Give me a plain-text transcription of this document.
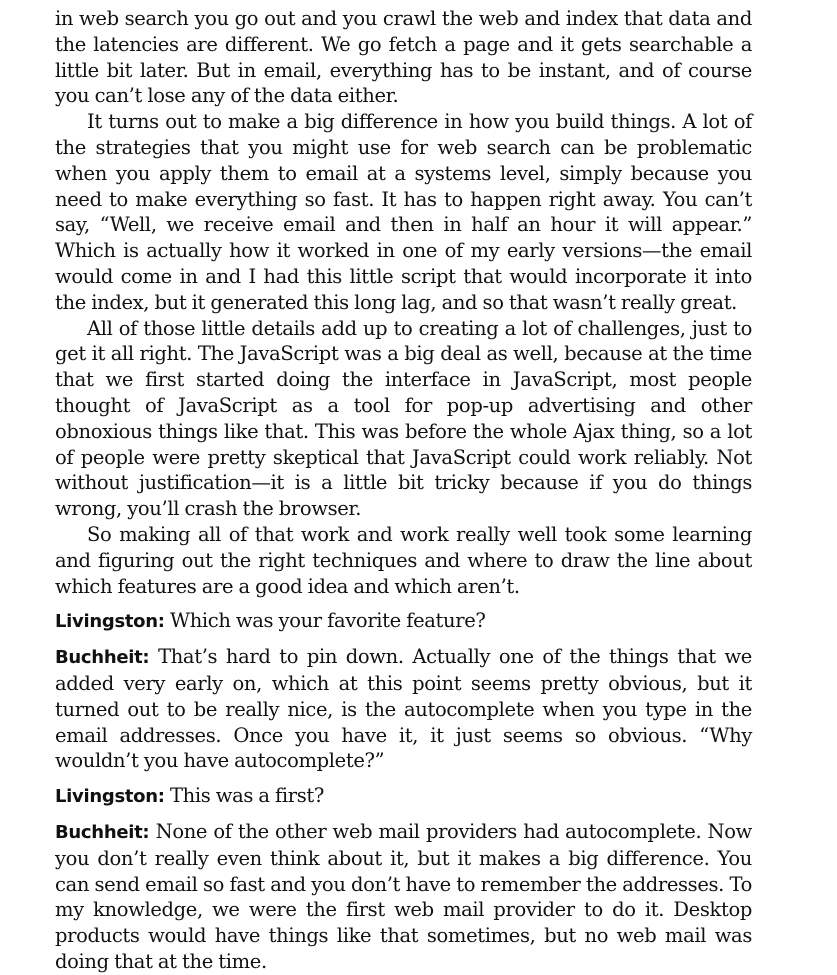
in web search you go out and you crawl the web and index that data and the latencies are different. We go fetch a page and it gets searchable a little bit later. But in email, everything has to be instant, and of course you can’t lose any of the data either.

It turns out to make a big difference in how you build things. A lot of the strategies that you might use for web search can be problematic when you apply them to email at a systems level, simply because you need to make everything so fast. It has to happen right away. You can’t say, “Well, we receive email and then in half an hour it will appear.” Which is actually how it worked in one of my early versions—the email would come in and I had this little script that would incorporate it into the index, but it generated this long lag, and so that wasn’t really great.

All of those little details add up to creating a lot of challenges, just to get it all right. The JavaScript was a big deal as well, because at the time that we first started doing the interface in JavaScript, most people thought of JavaScript as a tool for pop-up advertising and other obnoxious things like that. This was before the whole Ajax thing, so a lot of people were pretty skeptical that JavaScript could work reliably. Not without justification—it is a little bit tricky because if you do things wrong, you’ll crash the browser.

So making all of that work and work really well took some learning and figuring out the right techniques and where to draw the line about which features are a good idea and which aren’t.

Livingston: Which was your favorite feature?

Buchheit: That’s hard to pin down. Actually one of the things that we added very early on, which at this point seems pretty obvious, but it turned out to be really nice, is the autocomplete when you type in the email addresses. Once you have it, it just seems so obvious. “Why wouldn’t you have autocomplete?”

Livingston: This was a first?

Buchheit: None of the other web mail providers had autocomplete. Now you don’t really even think about it, but it makes a big difference. You can send email so fast and you don’t have to remember the addresses. To my knowledge, we were the first web mail provider to do it. Desktop products would have things like that sometimes, but no web mail was doing that at the time.
